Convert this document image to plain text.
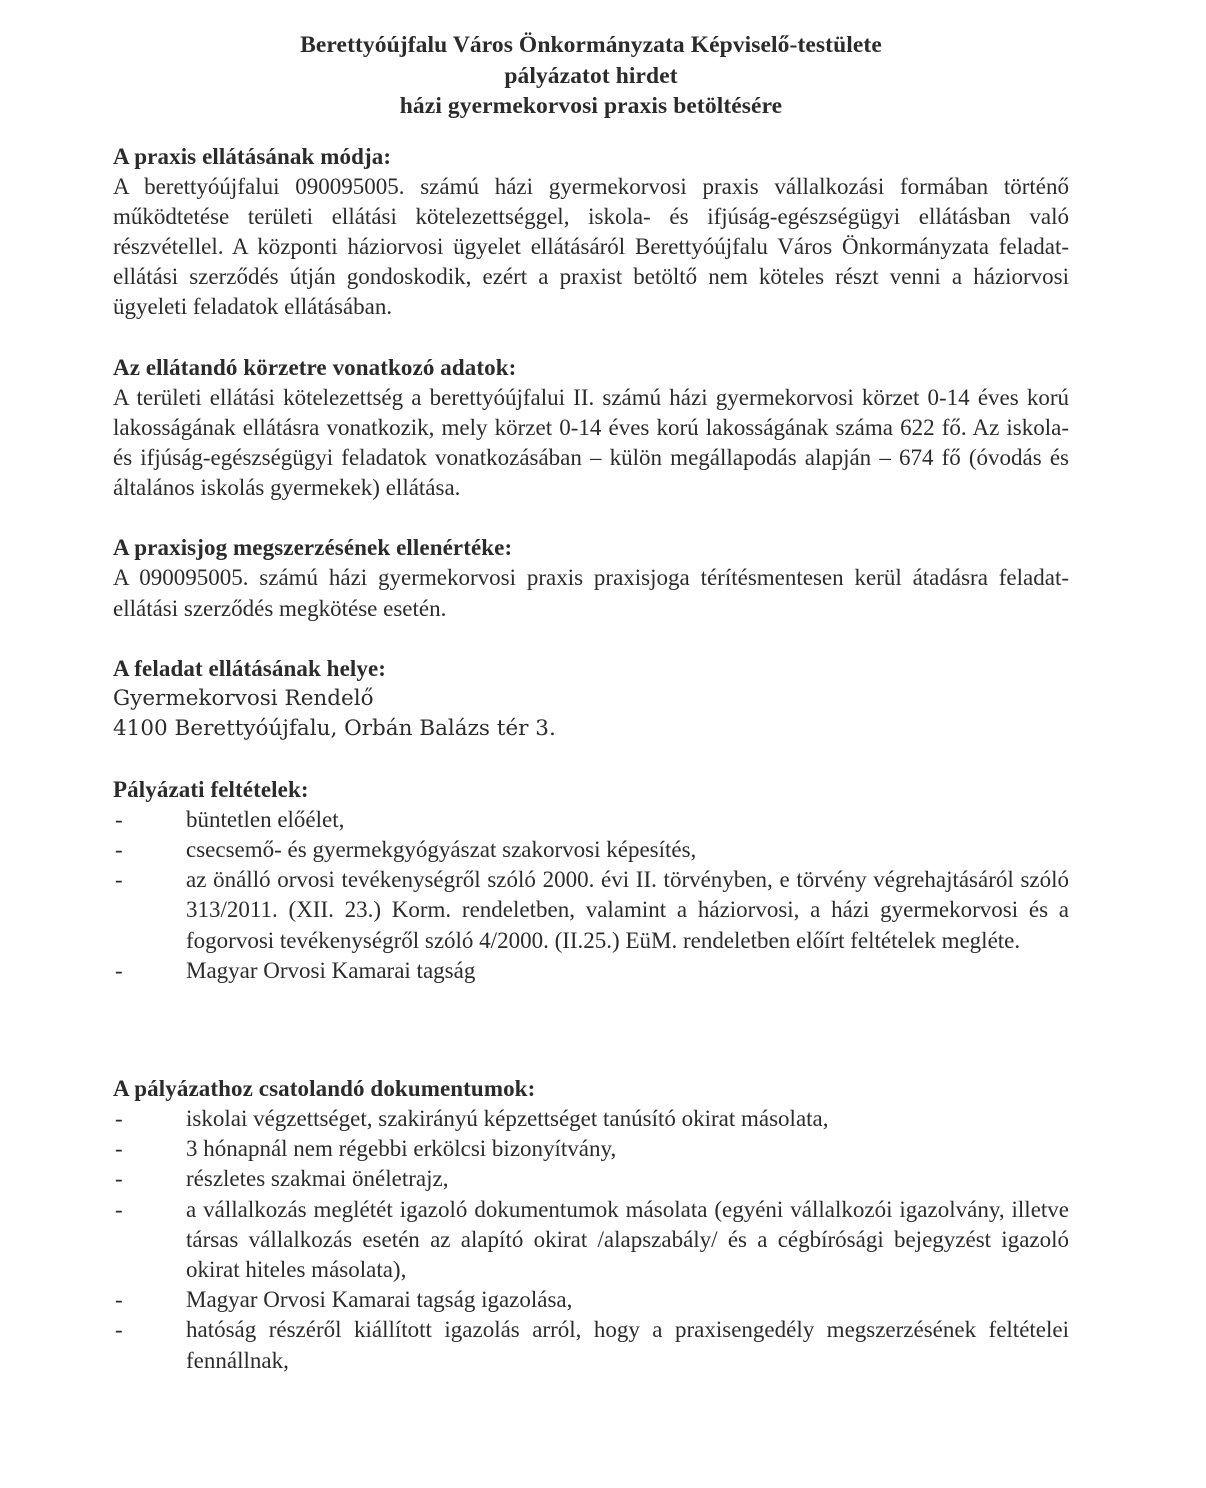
Berettyóújfalu Város Önkormányzata Képviselő-testülete
pályázatot hirdet
házi gyermekorvosi praxis betöltésére
A praxis ellátásának módja:

A berettyóújfalui 090095005. számú házi gyermekorvosi praxis vállalkozási formában történő működtetése területi ellátási kötelezettséggel, iskola- és ifjúság-egészségügyi ellátásban való részvétellel. A központi háziorvosi ügyelet ellátásáról Berettyóújfalu Város Önkormányzata feladat-ellátási szerződés útján gondoskodik, ezért a praxist betöltő nem köteles részt venni a háziorvosi ügyeleti feladatok ellátásában.

Az ellátandó körzetre vonatkozó adatok:

A területi ellátási kötelezettség a berettyóújfalui II. számú házi gyermekorvosi körzet 0-14 éves korú lakosságának ellátásra vonatkozik, mely körzet 0-14 éves korú lakosságának száma 622 fő. Az iskola- és ifjúság-egészségügyi feladatok vonatkozásában – külön megállapodás alapján – 674 fő (óvodás és általános iskolás gyermekek) ellátása.

A praxisjog megszerzésének ellenértéke:

A 090095005. számú házi gyermekorvosi praxis praxisjoga térítésmentesen kerül átadásra feladat-ellátási szerződés megkötése esetén.

A feladat ellátásának helye:

Gyermekorvosi Rendelő

4100 Berettyóújfalu, Orbán Balázs tér 3.

Pályázati feltételek:
-	büntetlen előélet,
-	csecsemő- és gyermekgyógyászat szakorvosi képesítés,
-	az önálló orvosi tevékenységről szóló 2000. évi II. törvényben, e törvény végrehajtásáról szóló 313/2011. (XII. 23.) Korm. rendeletben, valamint a háziorvosi, a házi gyermekorvosi és a fogorvosi tevékenységről szóló 4/2000. (II.25.) EüM. rendeletben előírt feltételek megléte.
-	Magyar Orvosi Kamarai tagság
A pályázathoz csatolandó dokumentumok:
-	iskolai végzettséget, szakirányú képzettséget tanúsító okirat másolata,
-	3 hónapnál nem régebbi erkölcsi bizonyítvány,
-	részletes szakmai önéletrajz,
-	a vállalkozás meglétét igazoló dokumentumok másolata (egyéni vállalkozói igazolvány, illetve társas vállalkozás esetén az alapító okirat /alapszabály/ és a cégbírósági bejegyzést igazoló okirat hiteles másolata),
-	Magyar Orvosi Kamarai tagság igazolása,
-	hatóság részéről kiállított igazolás arról, hogy a praxisengedély megszerzésének feltételei fennállnak,
